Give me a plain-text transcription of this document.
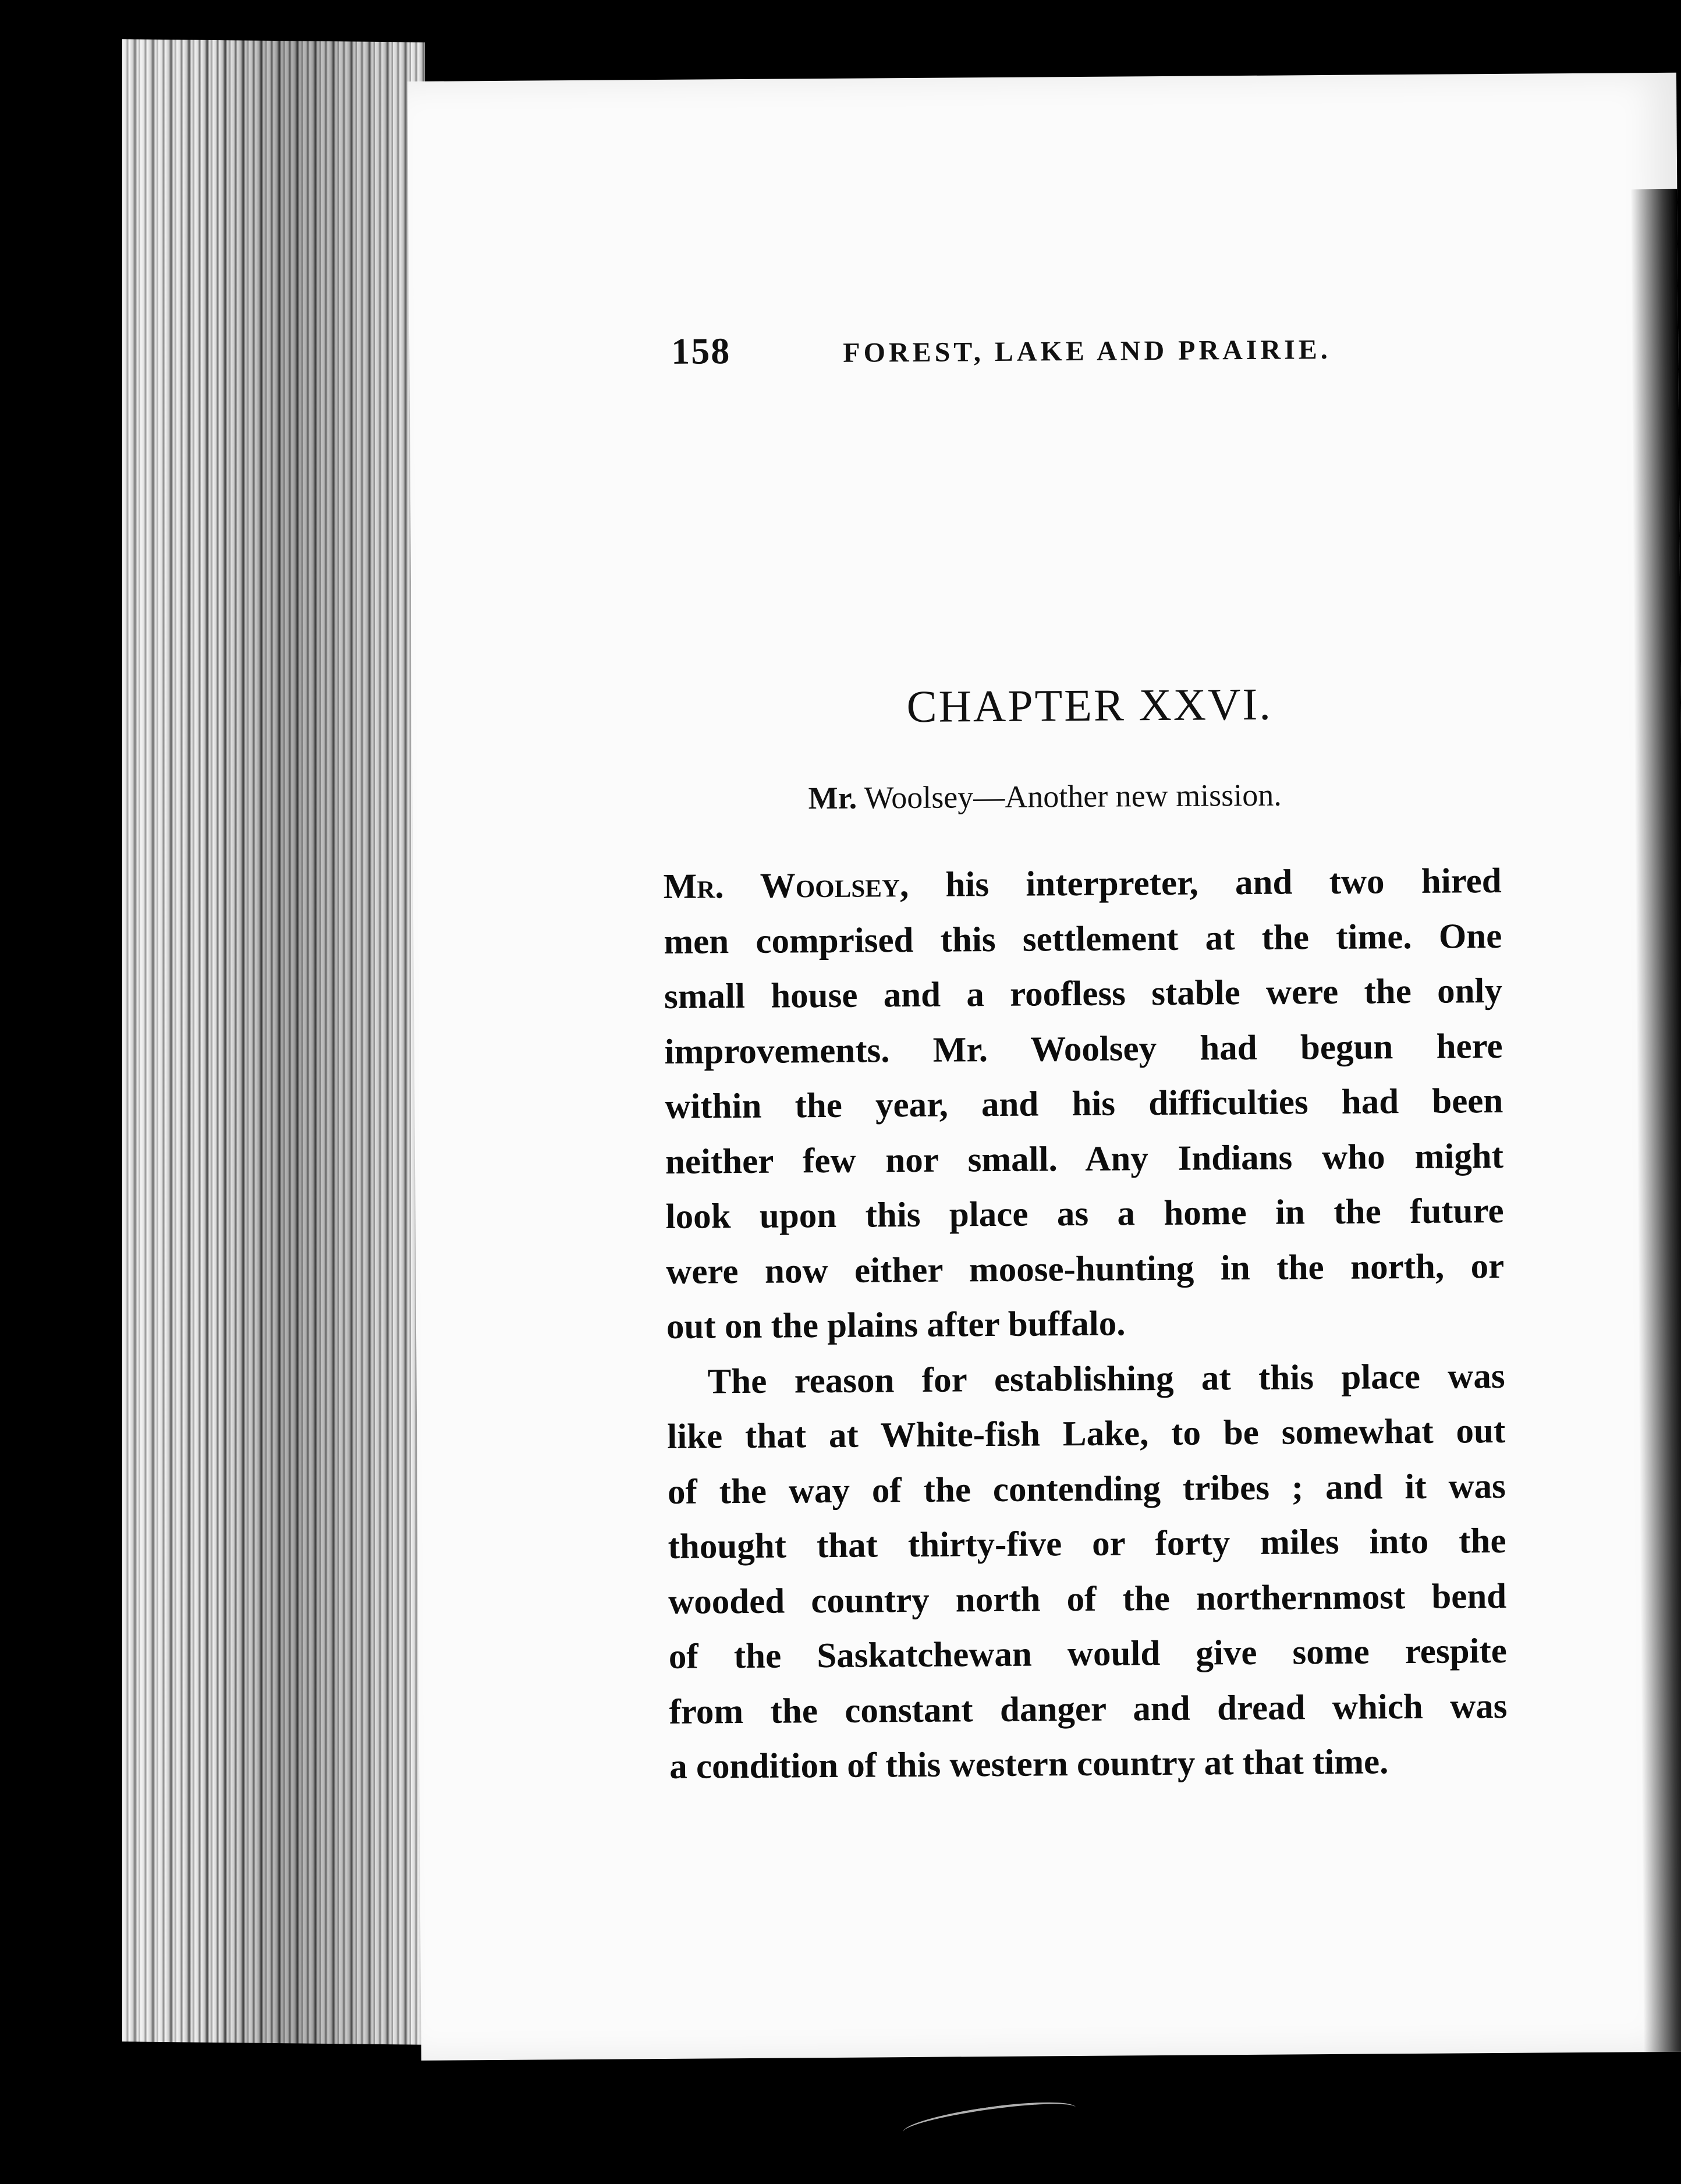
158	FOREST, LAKE AND PRAIRIE.
CHAPTER XXVI.
Mr. Woolsey—Another new mission.
Mr. Woolsey, his interpreter, and two hired
men comprised this settlement at the time. One
small house and a roofless stable were the only
improvements. Mr. Woolsey had begun here
within the year, and his difficulties had been
neither few nor small. Any Indians who might
look upon this place as a home in the future
were now either moose-hunting in the north, or
out on the plains after buffalo.
The reason for establishing at this place was
like that at White-fish Lake, to be somewhat out
of the way of the contending tribes ; and it was
thought that thirty-five or forty miles into the
wooded country north of the northernmost bend
of the Saskatchewan would give some respite
from the constant danger and dread which was
a condition of this western country at that time.
